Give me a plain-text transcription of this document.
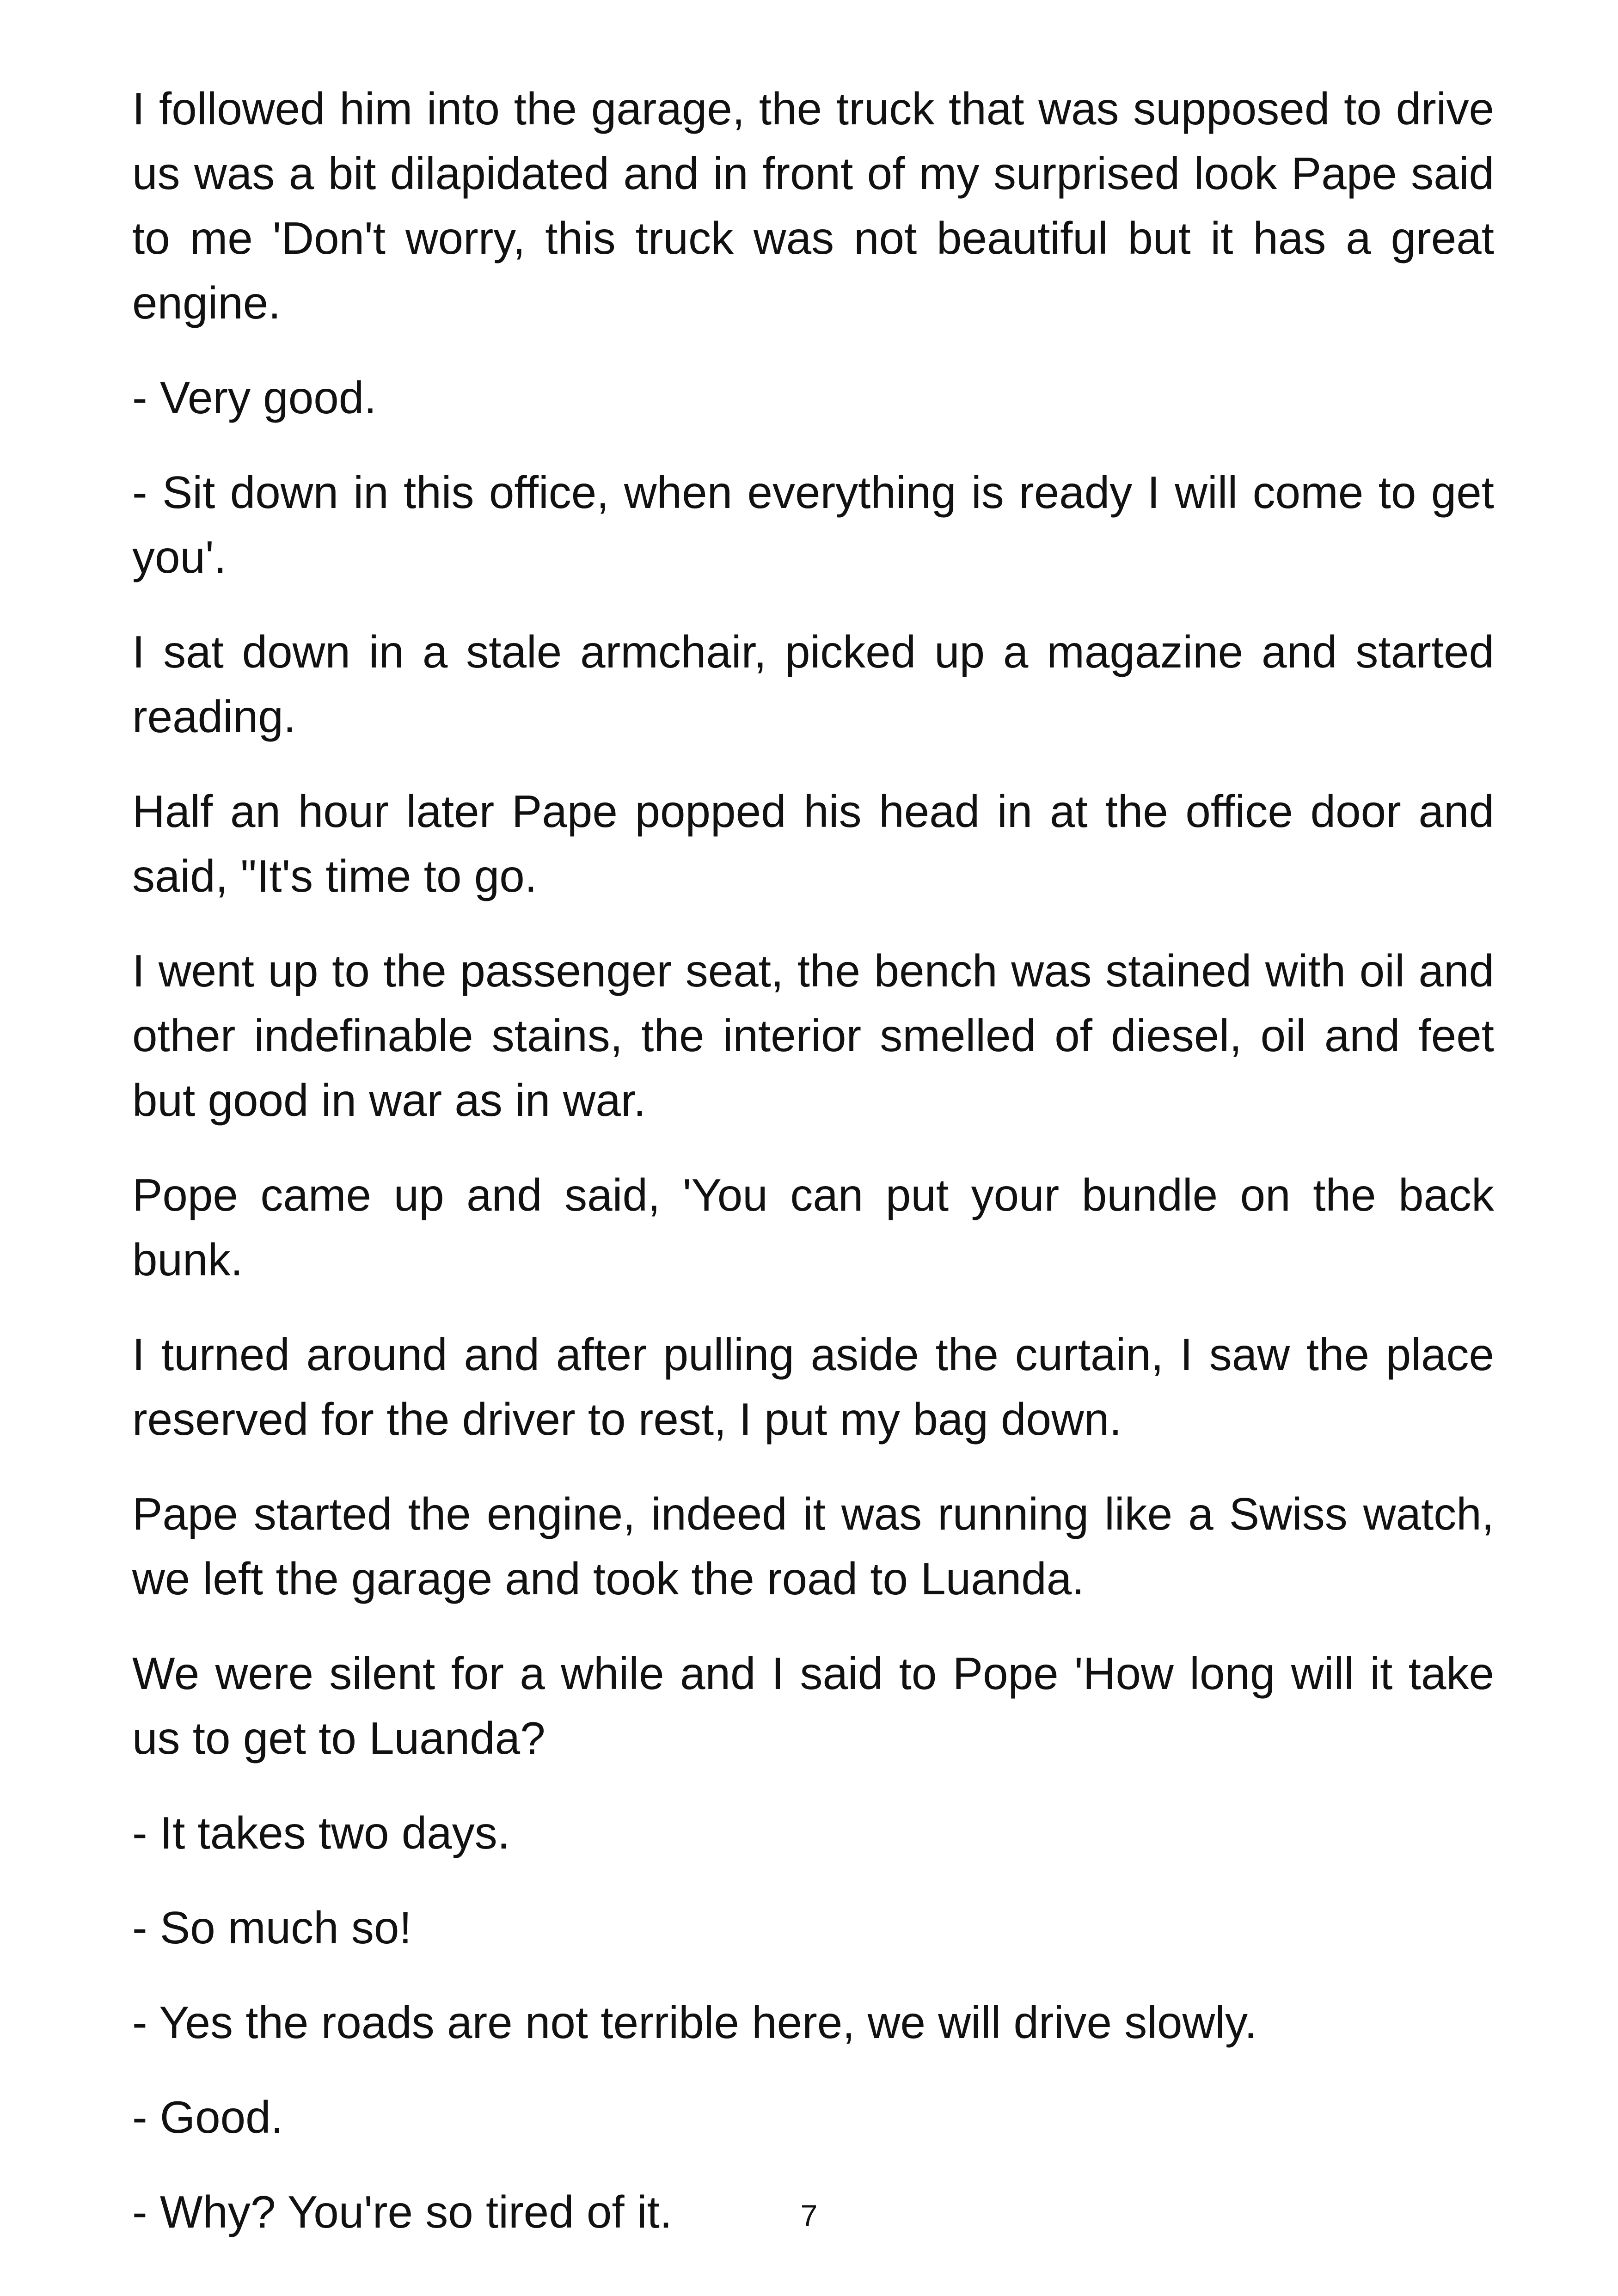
I followed him into the garage, the truck that was supposed to drive us was a bit dilapidated and in front of my surprised look Pape said to me 'Don't worry, this truck was not beautiful but it has a great engine.

- Very good.

- Sit down in this office, when everything is ready I will come to get you'.

I sat down in a stale armchair, picked up a magazine and started reading.

Half an hour later Pape popped his head in at the office door and said, "It's time to go.

I went up to the passenger seat, the bench was stained with oil and other indefinable stains, the interior smelled of diesel, oil and feet but good in war as in war.

Pope came up and said, 'You can put your bundle on the back bunk.

I turned around and after pulling aside the curtain, I saw the place reserved for the driver to rest, I put my bag down.

Pape started the engine, indeed it was running like a Swiss watch, we left the garage and took the road to Luanda.

We were silent for a while and I said to Pope 'How long will it take us to get to Luanda?

- It takes two days.

- So much so!

- Yes the roads are not terrible here, we will drive slowly.

- Good.

- Why? You're so tired of it.	7
